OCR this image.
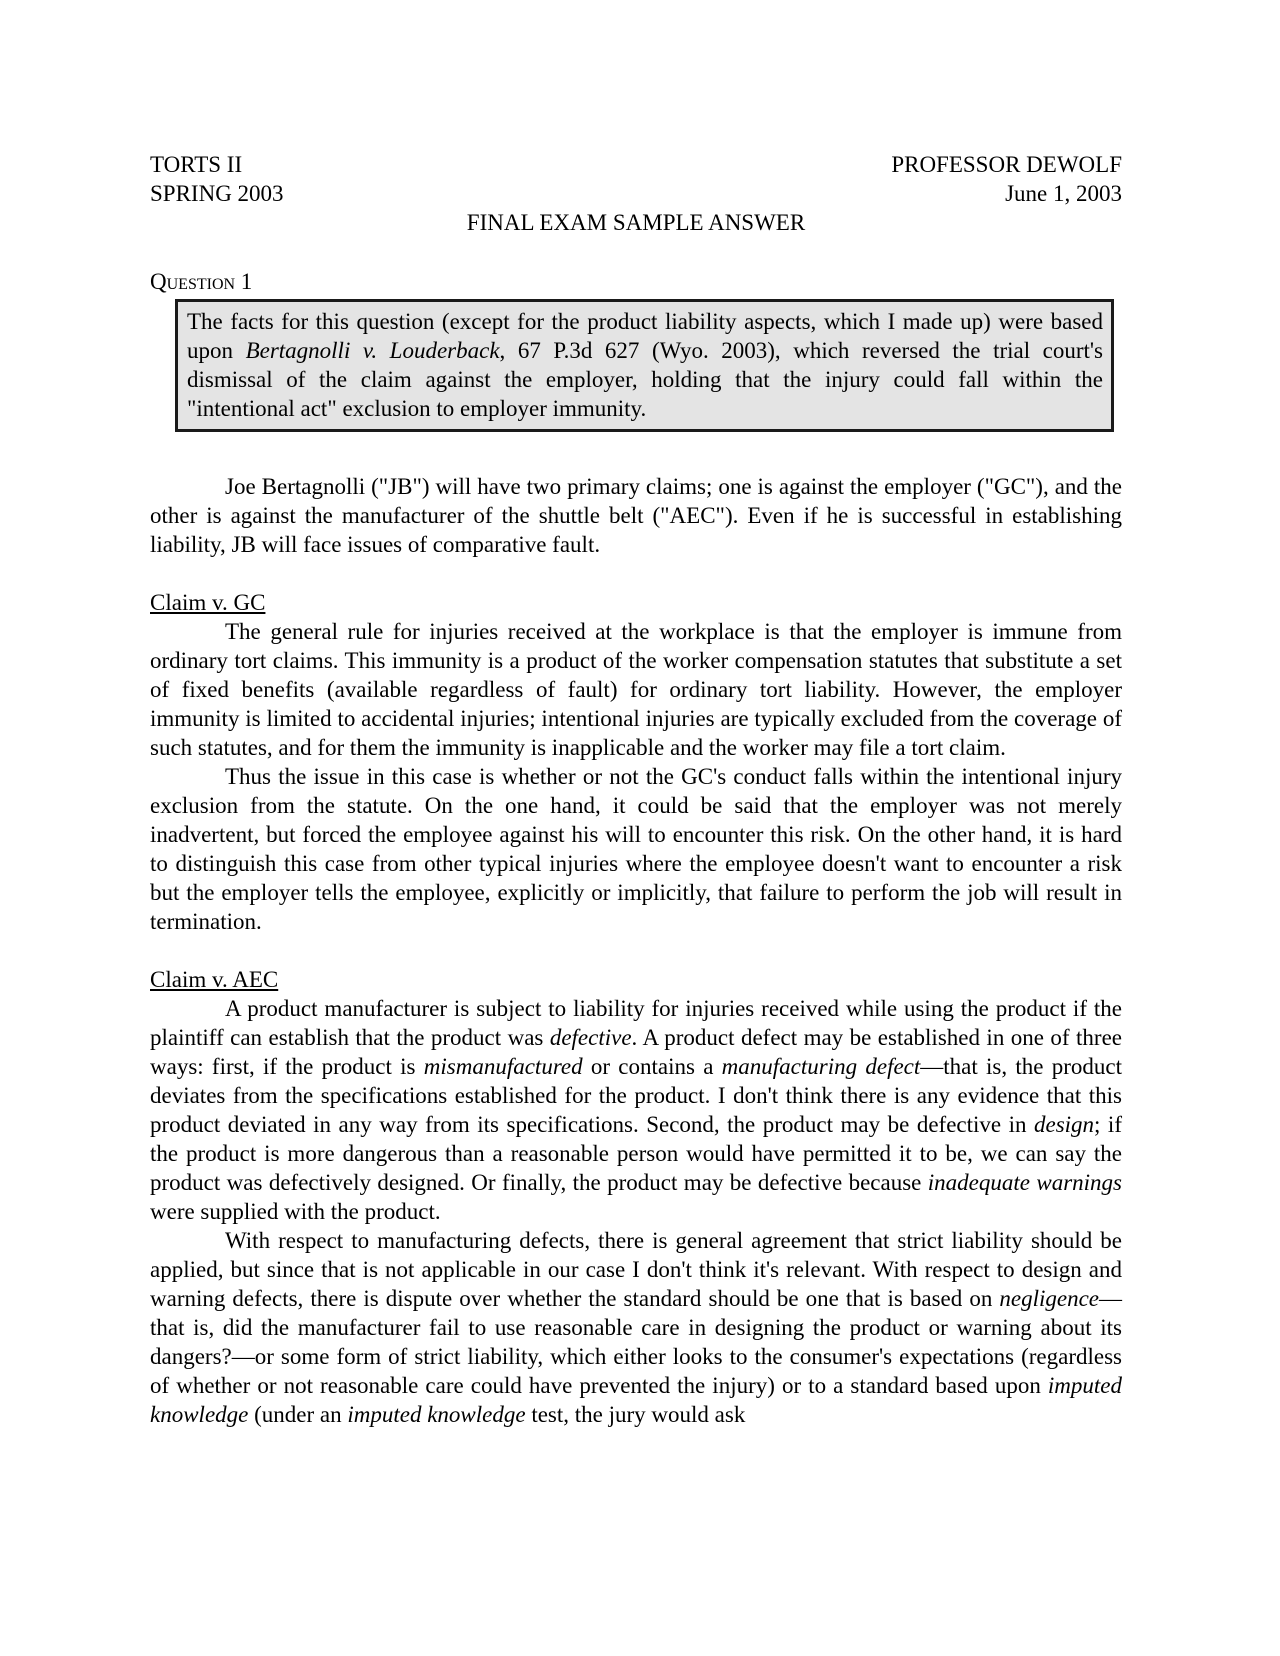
TORTS II	PROFESSOR DEWOLF
SPRING 2003	June 1, 2003
FINAL EXAM SAMPLE ANSWER
Question 1
The facts for this question (except for the product liability aspects, which I made up) were based upon Bertagnolli v. Louderback, 67 P.3d 627 (Wyo. 2003), which reversed the trial court's dismissal of the claim against the employer, holding that the injury could fall within the "intentional act" exclusion to employer immunity.

Joe Bertagnolli ("JB") will have two primary claims; one is against the employer ("GC"), and the other is against the manufacturer of the shuttle belt ("AEC"). Even if he is successful in establishing liability, JB will face issues of comparative fault.

Claim v. GC

The general rule for injuries received at the workplace is that the employer is immune from ordinary tort claims. This immunity is a product of the worker compensation statutes that substitute a set of fixed benefits (available regardless of fault) for ordinary tort liability. However, the employer immunity is limited to accidental injuries; intentional injuries are typically excluded from the coverage of such statutes, and for them the immunity is inapplicable and the worker may file a tort claim.

Thus the issue in this case is whether or not the GC's conduct falls within the intentional injury exclusion from the statute. On the one hand, it could be said that the employer was not merely inadvertent, but forced the employee against his will to encounter this risk. On the other hand, it is hard to distinguish this case from other typical injuries where the employee doesn't want to encounter a risk but the employer tells the employee, explicitly or implicitly, that failure to perform the job will result in termination.

Claim v. AEC

A product manufacturer is subject to liability for injuries received while using the product if the plaintiff can establish that the product was defective. A product defect may be established in one of three ways: first, if the product is mismanufactured or contains a manufacturing defect—that is, the product deviates from the specifications established for the product. I don't think there is any evidence that this product deviated in any way from its specifications. Second, the product may be defective in design; if the product is more dangerous than a reasonable person would have permitted it to be, we can say the product was defectively designed. Or finally, the product may be defective because inadequate warnings were supplied with the product.

With respect to manufacturing defects, there is general agreement that strict liability should be applied, but since that is not applicable in our case I don't think it's relevant. With respect to design and warning defects, there is dispute over whether the standard should be one that is based on negligence—that is, did the manufacturer fail to use reasonable care in designing the product or warning about its dangers?—or some form of strict liability, which either looks to the consumer's expectations (regardless of whether or not reasonable care could have prevented the injury) or to a standard based upon imputed knowledge (under an imputed knowledge test, the jury would ask
